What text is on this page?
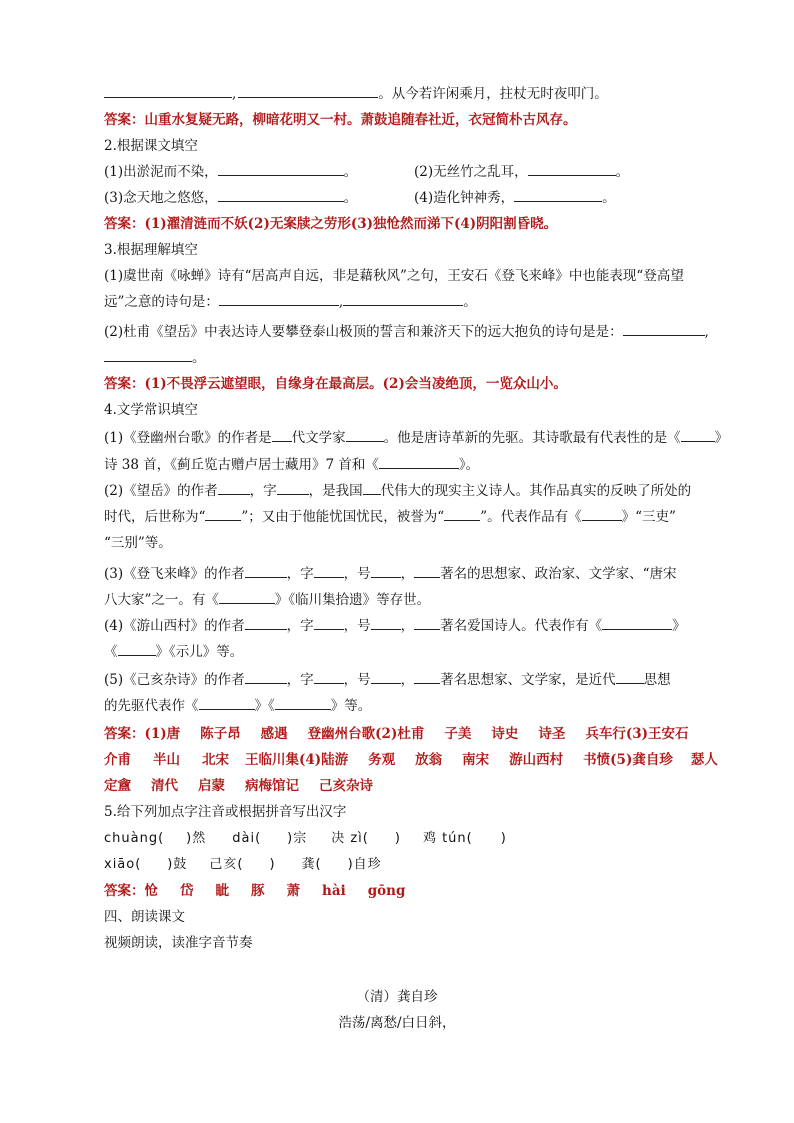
,	。从今若许闲乘月，拄杖无时夜叩门。
答案：山重水复疑无路，柳暗花明又一村。萧鼓追随春社近，衣冠简朴古风存。
2.根据课文填空
(1)出淤泥而不染，	。	(2)无丝竹之乱耳，	。
(3)念天地之悠悠，	。	(4)造化钟神秀，	。
答案：(1)濯清涟而不妖(2)无案牍之劳形(3)独怆然而涕下(4)阴阳割昏晓。
3.根据理解填空
(1)虞世南《咏蝉》诗有“居高声自远，非是藉秋风”之句，王安石《登飞来峰》中也能表现“登高望
远”之意的诗句是：	,	。
(2)杜甫《望岳》中表达诗人要攀登泰山极顶的誓言和兼济天下的远大抱负的诗句是是：	,
。
答案：(1)不畏浮云遮望眼，自缘身在最高层。(2)会当凌绝顶，一览众山小。
4.文学常识填空
(1)《登幽州台歌》的作者是 代文学家	。他是唐诗革新的先驱。其诗歌最有代表性的是《	》
诗 38 首，《蓟丘览古赠卢居士藏用》7 首和《	》。
(2)《望岳》的作者 ，字 ，是我国 代伟大的现实主义诗人。其作品真实的反映了所处的
时代，后世称为“	”；又由于他能忧国忧民，被誉为“	”。代表作品有《	》“三吏”
“三别”等。
(3)《登飞来峰》的作者	，字 ，号 ， 著名的思想家、政治家、文学家、“唐宋
八大家”之一。有《	》《临川集拾遗》等存世。
(4)《游山西村》的作者	，字 ，号 ， 著名爱国诗人。代表作有《	》
《	》《示儿》等。
(5)《己亥杂诗》的作者	，字 ，号 ， 著名思想家、文学家，是近代 思想
的先驱代表作《	》《	》等。
答案：(1)唐 陈子昂 感遇 登幽州台歌(2)杜甫 子美 诗史 诗圣 兵车行(3)王安石
介甫 半山 北宋 王临川集(4)陆游 务观 放翁 南宋 游山西村 书愤(5)龚自珍 瑟人
定盦 清代 启蒙 病梅馆记 己亥杂诗
5.给下列加点字注音或根据拼音写出汉字
chuàng( )然 dài( )宗 决 zì( ) 鸡 tún( )
xiāo( )鼓 己亥( ) 龚( )自珍
答案：怆 岱 眦 豚 萧 hài gōng
四、朗读课文
视频朗读，读准字音节奏
（清）龚自珍
浩荡/离愁/白日斜，
